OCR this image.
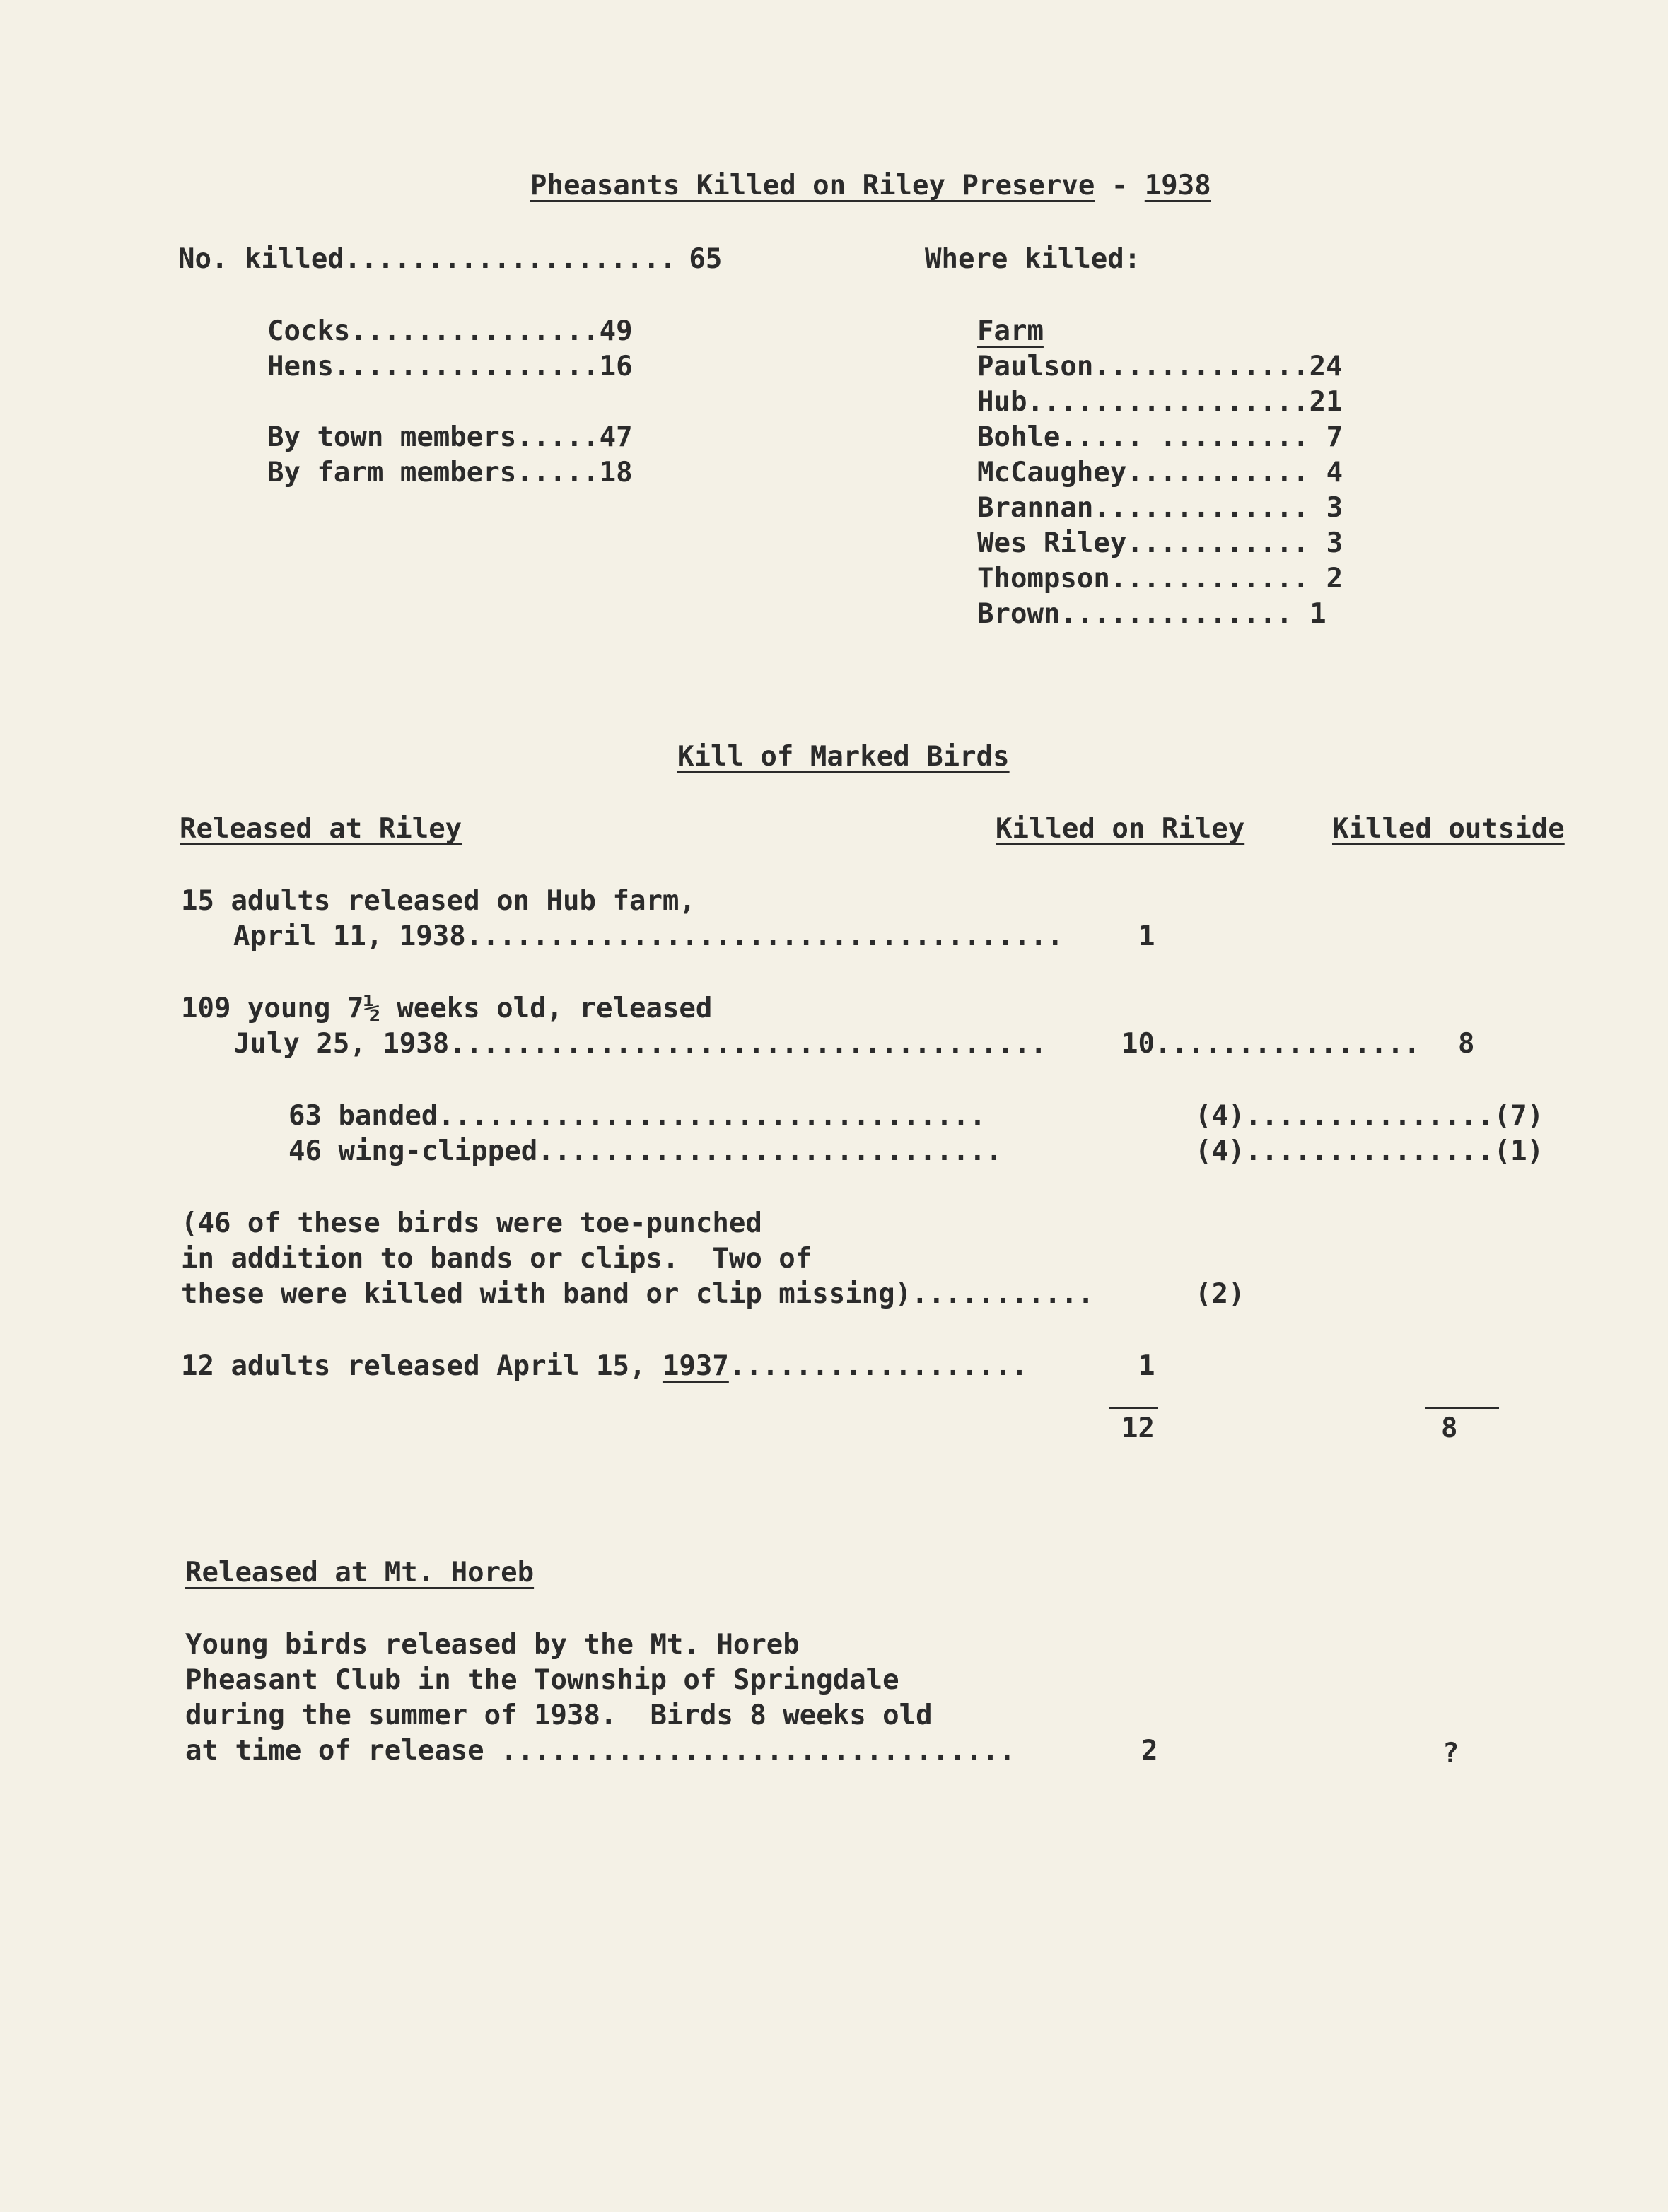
Pheasants Killed on Riley Preserve - 1938
No. killed.................... 65	Where killed:
Cocks...............49
Hens................16
By town members.....47
By farm members.....18
Farm
Paulson.............24
Hub.................21
Bohle..... ......... 7
McCaughey........... 4
Brannan............. 3
Wes Riley........... 3
Thompson............ 2
Brown.............. 1
Kill of Marked Birds
Released at Riley	Killed on Riley	Killed outside
15 adults released on Hub farm,
April 11, 1938....................................	1
109 young 7½ weeks old, released
July 25, 1938....................................	10................ 8
63 banded.................................	(4)...............(7)
46 wing-clipped............................	(4)...............(1)
(46 of these birds were toe-punched
in addition to bands or clips.  Two of
these were killed with band or clip missing)...........	(2)
12 adults released April 15, 1937..................	1
12	8
Released at Mt. Horeb
Young birds released by the Mt. Horeb
Pheasant Club in the Township of Springdale
during the summer of 1938.  Birds 8 weeks old
at time of release ...............................	2	?
